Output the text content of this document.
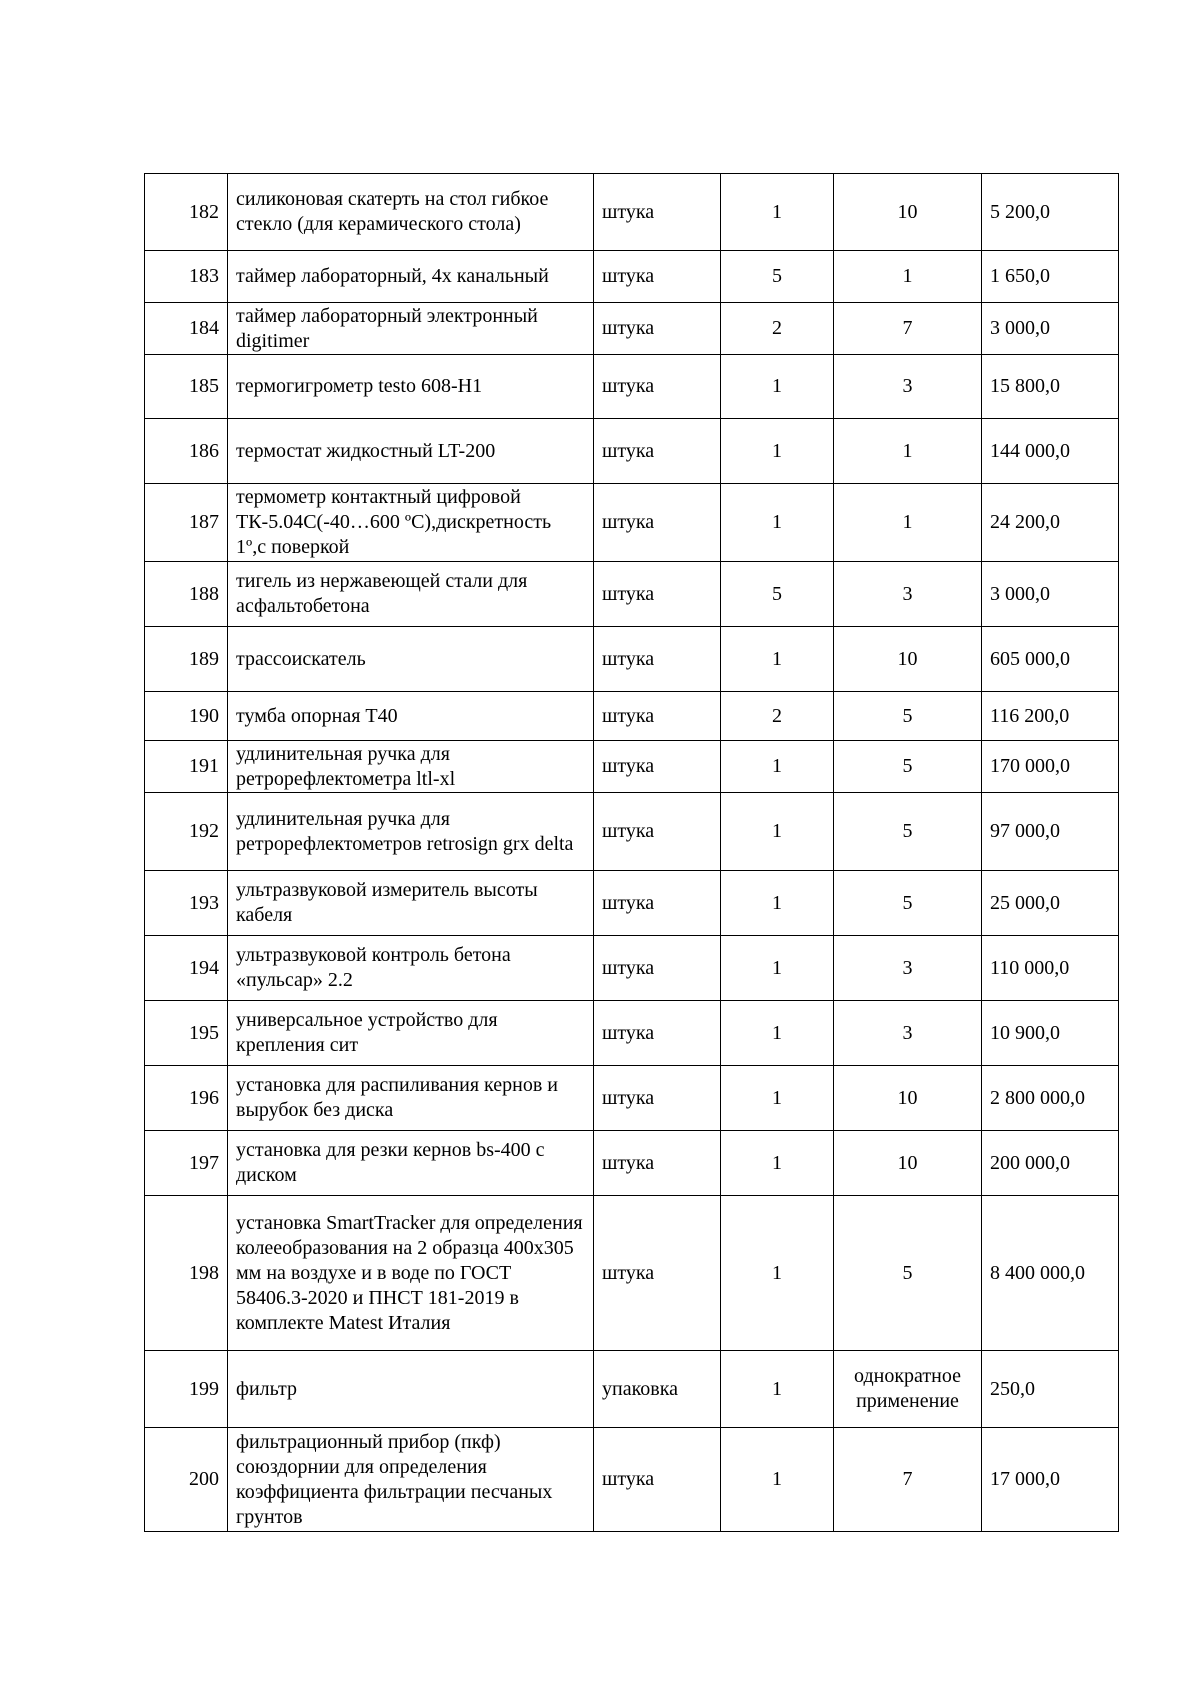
182	силиконовая скатерть на стол гибкое стекло (для керамического стола)	штука	1	10	5 200,0
183	таймер лабораторный, 4х канальный	штука	5	1	1 650,0
184	таймер лабораторный электронный digitimer	штука	2	7	3 000,0
185	термогигрометр testo 608-H1	штука	1	3	15 800,0
186	термостат жидкостный LT-200	штука	1	1	144 000,0
187	термометр контактный цифровой ТК-5.04С(-40…600 ºС),дискретность 1º,с поверкой	штука	1	1	24 200,0
188	тигель из нержавеющей стали для асфальтобетона	штука	5	3	3 000,0
189	трассоискатель	штука	1	10	605 000,0
190	тумба опорная Т40	штука	2	5	116 200,0
191	удлинительная ручка для ретрорефлектометра ltl-xl	штука	1	5	170 000,0
192	удлинительная ручка для ретрорефлектометров retrosign grx delta	штука	1	5	97 000,0
193	ультразвуковой измеритель высоты кабеля	штука	1	5	25 000,0
194	ультразвуковой контроль бетона «пульсар» 2.2	штука	1	3	110 000,0
195	универсальное устройство для крепления сит	штука	1	3	10 900,0
196	установка для распиливания кернов и вырубок без диска	штука	1	10	2 800 000,0
197	установка для резки кернов bs-400 с диском	штука	1	10	200 000,0
198	установка SmartTracker для определения колееобразования на 2 образца 400х305 мм на воздухе и в воде по ГОСТ 58406.3-2020 и ПНСТ 181-2019 в комплекте Matest Италия	штука	1	5	8 400 000,0
199	фильтр	упаковка	1	однократное применение	250,0
200	фильтрационный прибор (пкф) союздорнии для определения коэффициента фильтрации песчаных грунтов	штука	1	7	17 000,0
